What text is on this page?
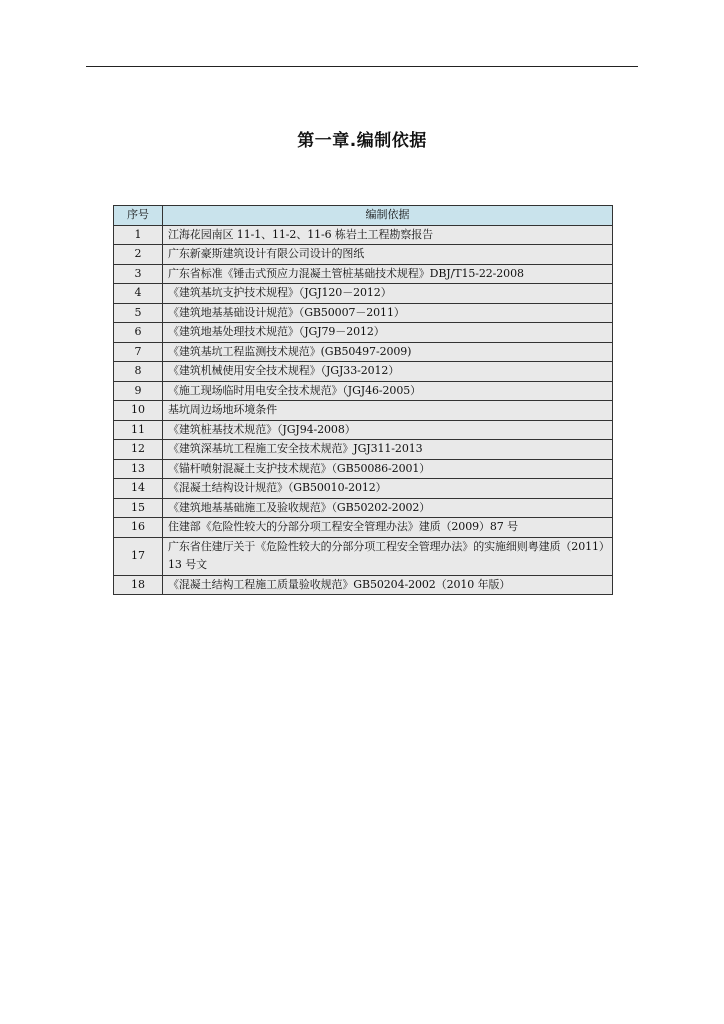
第一章.编制依据
序号	编制依据
1	江海花园南区 11-1、11-2、11-6 栋岩土工程勘察报告
2	广东新豪斯建筑设计有限公司设计的图纸
3	广东省标准《锤击式预应力混凝土管桩基础技术规程》DBJ/T15-22-2008
4	《建筑基坑支护技术规程》（JGJ120－2012）
5	《建筑地基基础设计规范》（GB50007－2011）
6	《建筑地基处理技术规范》（JGJ79－2012）
7	《建筑基坑工程监测技术规范》(GB50497-2009)
8	《建筑机械使用安全技术规程》（JGJ33-2012）
9	《施工现场临时用电安全技术规范》（JGJ46-2005）
10	基坑周边场地环境条件
11	《建筑桩基技术规范》（JGJ94-2008）
12	《建筑深基坑工程施工安全技术规范》JGJ311-2013
13	《锚杆喷射混凝土支护技术规范》（GB50086-2001）
14	《混凝土结构设计规范》（GB50010-2012）
15	《建筑地基基础施工及验收规范》（GB50202-2002）
16	住建部《危险性较大的分部分项工程安全管理办法》建质（2009）87 号
17	广东省住建厅关于《危险性较大的分部分项工程安全管理办法》的实施细则粤建质（2011）13 号文
18	《混凝土结构工程施工质量验收规范》GB50204-2002（2010 年版）
